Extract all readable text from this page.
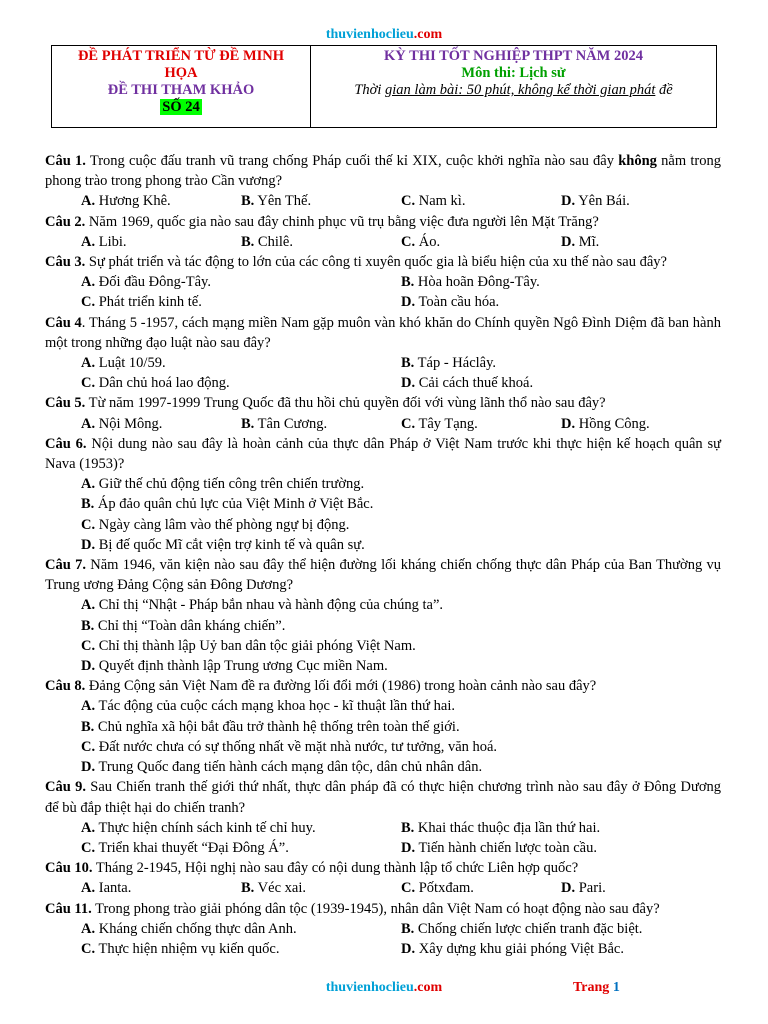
thuvienhoclieu.com
ĐỀ PHÁT TRIỂN TỪ ĐỀ MINH
HỌA
ĐỀ THI THAM KHẢO
SỐ 24
KỲ THI TỐT NGHIỆP THPT NĂM 2024
Môn thi: Lịch sử
Thời gian làm bài: 50 phút, không kể thời gian phát đề
Câu 1. Trong cuộc đấu tranh vũ trang chống Pháp cuối thế kỉ XIX, cuộc khởi nghĩa nào sau đây không nằm trong phong trào trong phong trào Cần vương?
A. Hương Khê.	B. Yên Thế.	C. Nam kì.	D. Yên Bái.
Câu 2. Năm 1969, quốc gia nào sau đây chinh phục vũ trụ bằng việc đưa người lên Mặt Trăng?
A. Libi.	B. Chilê.	C. Áo.	D. Mĩ.
Câu 3. Sự phát triển và tác động to lớn của các công ti xuyên quốc gia là biểu hiện của xu thế nào sau đây?
A. Đối đầu Đông-Tây.	B. Hòa hoãn Đông-Tây.
C. Phát triển kinh tế.	D. Toàn cầu hóa.
Câu 4. Tháng 5 -1957, cách mạng miền Nam gặp muôn vàn khó khăn do Chính quyền Ngô Đình Diệm đã ban hành một trong những đạo luật nào sau đây?
A. Luật 10/59.	B. Táp - Háclây.
C. Dân chủ hoá lao động.	D. Cải cách thuế khoá.
Câu 5. Từ năm 1997-1999 Trung Quốc đã thu hồi chủ quyền đối với vùng lãnh thổ nào sau đây?
A. Nội Mông.	B. Tân Cương.	C. Tây Tạng.	D. Hồng Công.
Câu 6. Nội dung nào sau đây là hoàn cảnh của thực dân Pháp ở Việt Nam trước khi thực hiện kế hoạch quân sự Nava (1953)?
A. Giữ thế chủ động tiến công trên chiến trường.
B. Áp đảo quân chủ lực của Việt Minh ở Việt Bắc.
C. Ngày càng lâm vào thế phòng ngự bị động.
D. Bị đế quốc Mĩ cắt viện trợ kinh tế và quân sự.
Câu 7. Năm 1946, văn kiện nào sau đây thể hiện đường lối kháng chiến chống thực dân Pháp của Ban Thường vụ Trung ương Đảng Cộng sản Đông Dương?
A. Chỉ thị “Nhật - Pháp bắn nhau và hành động của chúng ta”.
B. Chỉ thị “Toàn dân kháng chiến”.
C. Chỉ thị thành lập Uỷ ban dân tộc giải phóng Việt Nam.
D. Quyết định thành lập Trung ương Cục miền Nam.
Câu 8. Đảng Cộng sản Việt Nam đề ra đường lối đổi mới (1986) trong hoàn cảnh nào sau đây?
A. Tác động của cuộc cách mạng khoa học - kĩ thuật lần thứ hai.
B. Chủ nghĩa xã hội bắt đầu trở thành hệ thống trên toàn thế giới.
C. Đất nước chưa có sự thống nhất về mặt nhà nước, tư tưởng, văn hoá.
D. Trung Quốc đang tiến hành cách mạng dân tộc, dân chủ nhân dân.
Câu 9. Sau Chiến tranh thế giới thứ nhất, thực dân pháp đã có thực hiện chương trình nào sau đây ở Đông Dương để bù đắp thiệt hại do chiến tranh?
A. Thực hiện chính sách kinh tế chỉ huy.	B. Khai thác thuộc địa lần thứ hai.
C. Triển khai thuyết “Đại Đông Á”.	D. Tiến hành chiến lược toàn cầu.
Câu 10. Tháng 2-1945, Hội nghị nào sau đây có nội dung thành lập tổ chức Liên hợp quốc?
A. Ianta.	B. Véc xai.	C. Pốtxđam.	D. Pari.
Câu 11. Trong phong trào giải phóng dân tộc (1939-1945), nhân dân Việt Nam có hoạt động nào sau đây?
A. Kháng chiến chống thực dân Anh.	B. Chống chiến lược chiến tranh đặc biệt.
C. Thực hiện nhiệm vụ kiến quốc.	D. Xây dựng khu giải phóng Việt Bắc.
thuvienhoclieu.com	Trang 1
